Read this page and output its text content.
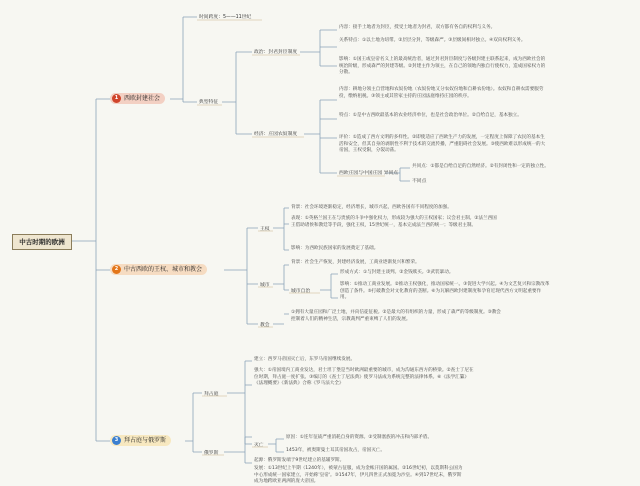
中古时期的欧洲
1 西欧封建社会
时间跨度：5——11世纪
典型特征
政治：封君封臣制度
内容：接手土地者为封臣，授受土地者为封君，双方都有各自的权利与义务。
关系特点：①以土地为纽带。②层层分封，等级森严。③层级间相对独立。④双向权利义务。
影响：①国王或皇帝名义上的最高统治者，通过封君封臣制度与各级封建主联系起来，成为西欧社会的统治阶级，形成森严的封建等级。②封建主作为领主，在自己的领地内独自行使权力，造成国家权力的分散。
经济：庄园农奴制度
内容：耕地分领主自营地和农奴份地（农奴份地又分农奴份地和自耕农份地）。农奴和自耕农需要服劳役，缴纳租税。③领主或其管家主持的庄园法庭维持庄园的秩序。
特点：①是中古西欧最基本的农业经济单位，也是社会政治单位。②自给自足，基本独立。
评价：①造成了西方文明的多样性。②即使适应了西欧生产力的发展，一定程度上保障了农民的基本生活和安全，但其自身的剥削性不利于技术的交流传播，严重阻碍社会发展。③使西欧难以形成统一的大帝国，王权受限，分裂动荡。
西欧庄园与中国庄园 异同点
共同点：①都是自给自足的自然经济。②有封闭性和一定的独立性。
不同点
2 中古西欧的王权、城市和教会
王权
背景：社会环境逐渐稳定，经济增长，城市兴起，西欧各国有不同程度的加强。
表现：①英格兰国王在与贵族的斗争中强化权力，形成较为强大的王权国家；议会君主制。②法兰西国王借助诸侯和教廷等手段，强化王权，15世纪统一，基本完成法兰西的统一；等级君主制。
影响：为西欧民族国家的发展奠定了基础。
城市
背景：社会生产恢复，封建经济发展，工商业逐渐复兴和繁荣。
城市自治
形成方式：①与封建主谈判。②金钱赎买。③武装暴动。
影响：①推动工商业发展。②推动王权强化，推动国家统一。③促进大学兴起。④为文艺复兴和宗教改革创造了条件。⑤打破教会对文化教育的垄断。⑥为瓦解西欧封建制度和孕育近现代西方文明起重要作用。
教会
①拥有大量庄园和广泛土地，并向信徒征税。②是最大的有组织的力量，形成了森严的等级制度。③教会控制着人们的精神生活，宗教裁判严重束缚了人们的发展。
3 拜占庭与俄罗斯
拜占庭
建立：西罗马帝国灭亡后，东罗马帝国继续发展。
强大：①帝国境内工商业发达，君士坦丁堡是当时欧洲最重要的城市，成为沟通东西方的桥梁。②查士丁尼在位时期，拜占庭一度扩张。③编订的《查士丁尼法典》使罗马法成为系统完整的法律体系。⑥《法学汇纂》《法理概要》《新法典》合称《罗马法大全》
灭亡
原因：①连年征战严重消耗自身的资源。②受制塞族的冲击和内部矛盾。
1453年，被奥斯曼土耳其帝国攻占，帝国灭亡。
俄罗斯
起源：俄罗斯发端于9世纪建立的基辅罗斯。
发展：①13世纪上半期（1240年），被蒙古征服，成为金帐汗国的属国。②16世纪初，以莫斯科公国为中心形成统一国家建立，开始称'皇帝'。③1547年，伊凡四世正式加冕为沙皇。④到17世纪末，俄罗斯成为地跨欧亚两洲的庞大帝国。
